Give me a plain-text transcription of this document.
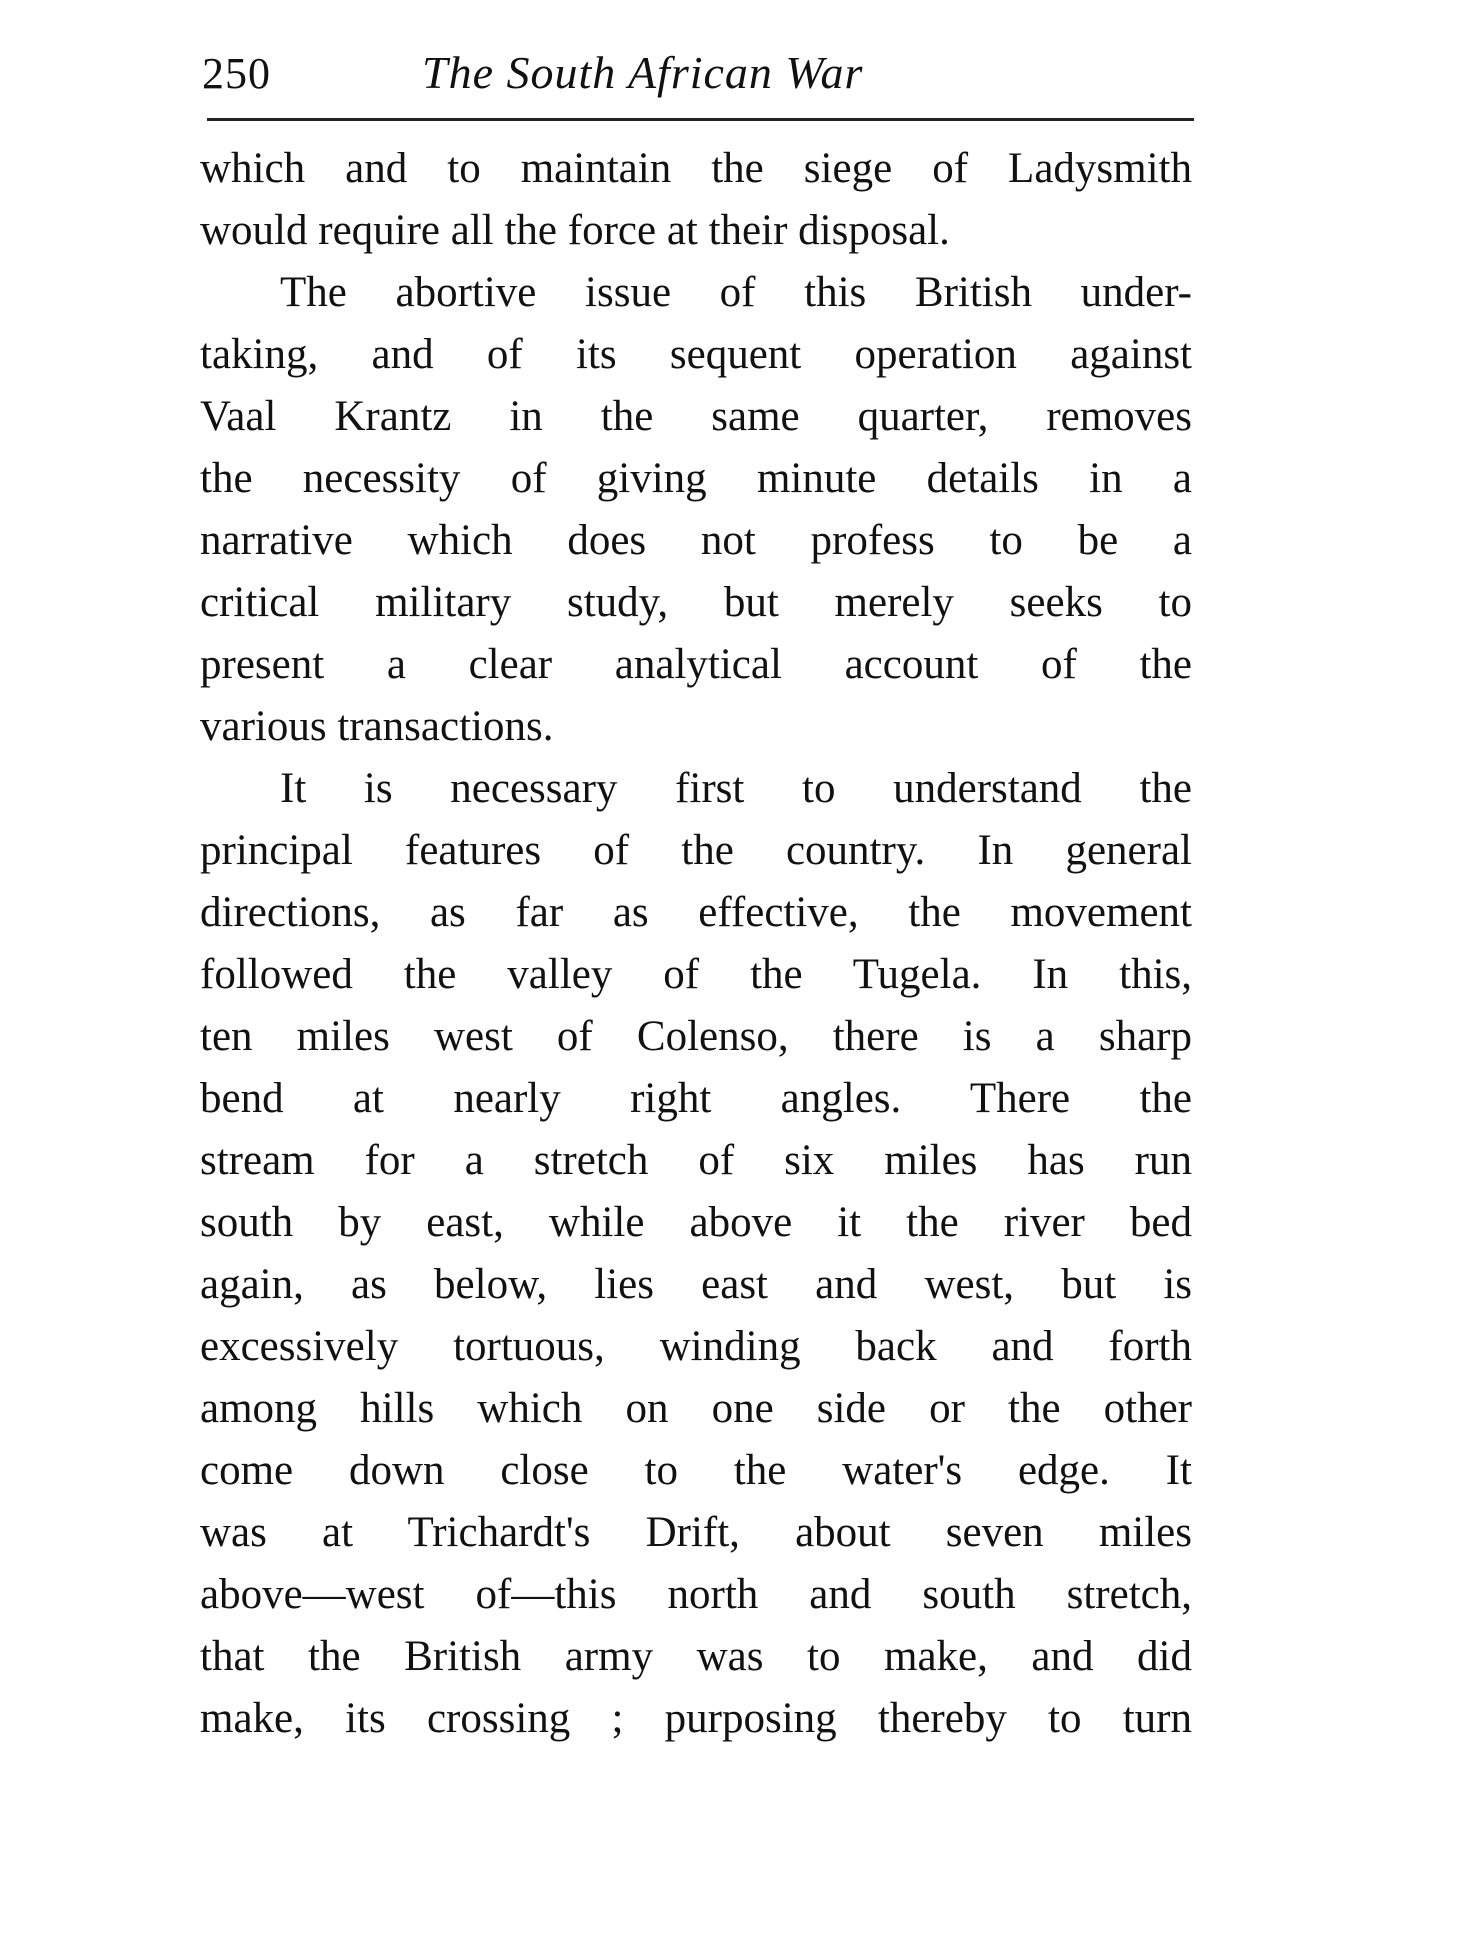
250	The South African War
which and to maintain the siege of Ladysmith
would require all the force at their disposal.
The abortive issue of this British under-
taking, and of its sequent operation against
Vaal Krantz in the same quarter, removes
the necessity of giving minute details in a
narrative which does not profess to be a
critical military study, but merely seeks to
present a clear analytical account of the
various transactions.
It is necessary first to understand the
principal features of the country. In general
directions, as far as effective, the movement
followed the valley of the Tugela. In this,
ten miles west of Colenso, there is a sharp
bend at nearly right angles. There the
stream for a stretch of six miles has run
south by east, while above it the river bed
again, as below, lies east and west, but is
excessively tortuous, winding back and forth
among hills which on one side or the other
come down close to the water's edge. It
was at Trichardt's Drift, about seven miles
above—west of—this north and south stretch,
that the British army was to make, and did
make, its crossing ; purposing thereby to turn
